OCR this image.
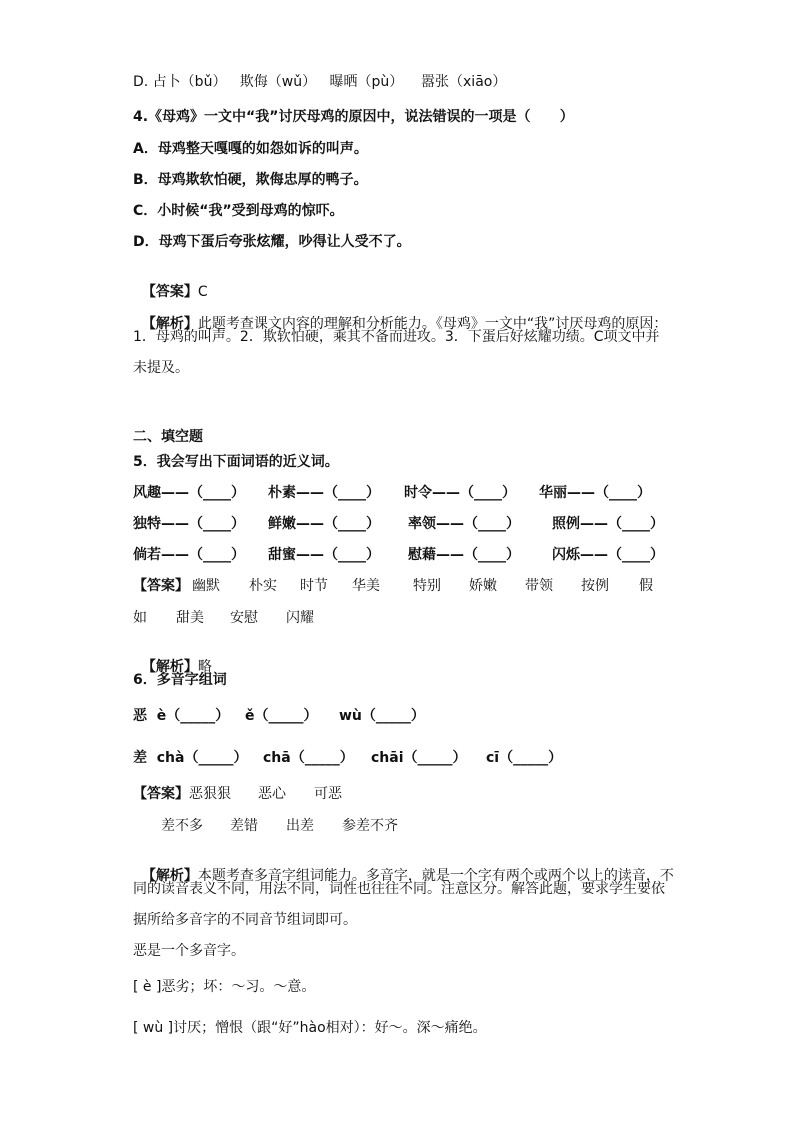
D. 占卜（bǔ）   欺侮（wǔ）   曝晒（pù）    嚣张（xiāo）
4.《母鸡》一文中“我”讨厌母鸡的原因中，说法错误的一项是（      ）
A．母鸡整天嘎嘎的如怨如诉的叫声。
B．母鸡欺软怕硬，欺侮忠厚的鸭子。
C．小时候“我”受到母鸡的惊吓。
D．母鸡下蛋后夸张炫耀，吵得让人受不了。

【答案】C

【解析】此题考查课文内容的理解和分析能力。《母鸡》一文中“我”讨厌母鸡的原因：

1．母鸡的叫声。2．欺软怕硬，乘其不备而进攻。3．下蛋后好炫耀功绩。C项文中并
未提及。
二、填空题
5．我会写出下面词语的近义词。

风趣——（____）

朴素——（____）

时令——（____）

华丽——（____）

独特——（____）

鲜嫩——（____）

率领——（____）

照例——（____）

倘若——（____）

甜蜜——（____）

慰藉——（____）

闪烁——（____）

【答案】

幽默

朴实

时节

华美

特别

娇嫩

带领

按例

假

如

甜美

安慰

闪耀

【解析】略

6．多音字组词

恶  è（_____）

ě（_____）

wù（_____）

差  chà（_____）

chā（_____）

chāi（_____）

cī（_____）

【答案】

恶狠狠

恶心

可恶

差不多

差错

出差

参差不齐

【解析】本题考查多音字组词能力。多音字，就是一个字有两个或两个以上的读音，不

同的读音表义不同，用法不同，词性也往往不同。注意区分。解答此题，要求学生要依
据所给多音字的不同音节组词即可。
恶是一个多音字。
[ è ]恶劣；坏：～习。～意。
[ wù ]讨厌；憎恨（跟“好”hào相对）：好～。深～痛绝。
